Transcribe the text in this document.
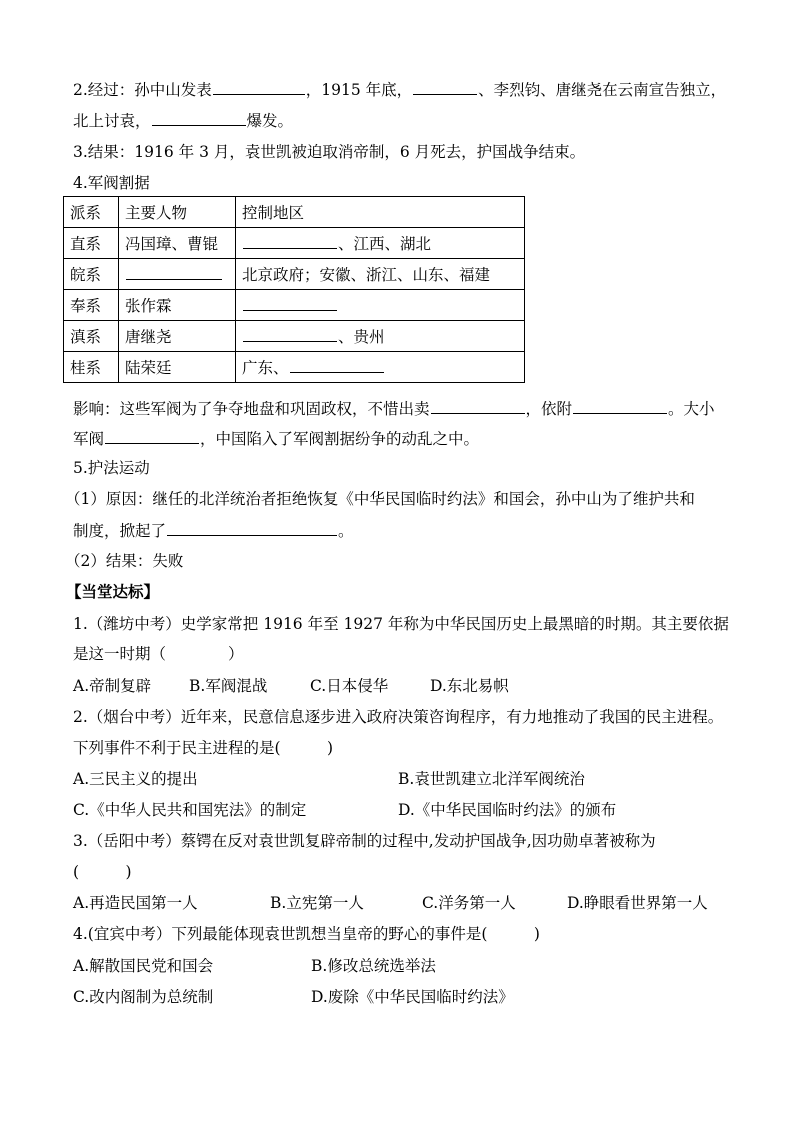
2.经过：孙中山发表	，1915 年底，	、李烈钧、唐继尧在云南宣告独立，
北上讨袁，	爆发。
3.结果：1916 年 3 月，袁世凯被迫取消帝制，6 月死去，护国战争结束。
4.军阀割据
派系	主要人物	控制地区
直系	冯国璋、曹锟	、江西、湖北
皖系		北京政府；安徽、浙江、山东、福建
奉系	张作霖	
滇系	唐继尧	、贵州
桂系	陆荣廷	广东、
影响：这些军阀为了争夺地盘和巩固政权，不惜出卖	，依附	。大小
军阀	，中国陷入了军阀割据纷争的动乱之中。
5.护法运动
（1）原因：继任的北洋统治者拒绝恢复《中华民国临时约法》和国会，孙中山为了维护共和
制度，掀起了	。
（2）结果：失败
【当堂达标】
1.（潍坊中考）史学家常把 1916 年至 1927 年称为中华民国历史上最黑暗的时期。其主要依据
是这一时期（　　　　）
A.帝制复辟 B.军阀混战	C.日本侵华	D.东北易帜
2.（烟台中考）近年来，民意信息逐步进入政府决策咨询程序，有力地推动了我国的民主进程。
下列事件不利于民主进程的是(　　　)
A.三民主义的提出	B.袁世凯建立北洋军阀统治
C.《中华人民共和国宪法》的制定	D.《中华民国临时约法》的颁布
3.（岳阳中考）蔡锷在反对袁世凯复辟帝制的过程中,发动护国战争,因功勋卓著被称为
(　　　)
A.再造民国第一人	B.立宪第一人	C.洋务第一人	D.睁眼看世界第一人
4.(宜宾中考）下列最能体现袁世凯想当皇帝的野心的事件是(　　　)
A.解散国民党和国会	B.修改总统选举法
C.改内阁制为总统制	D.废除《中华民国临时约法》
